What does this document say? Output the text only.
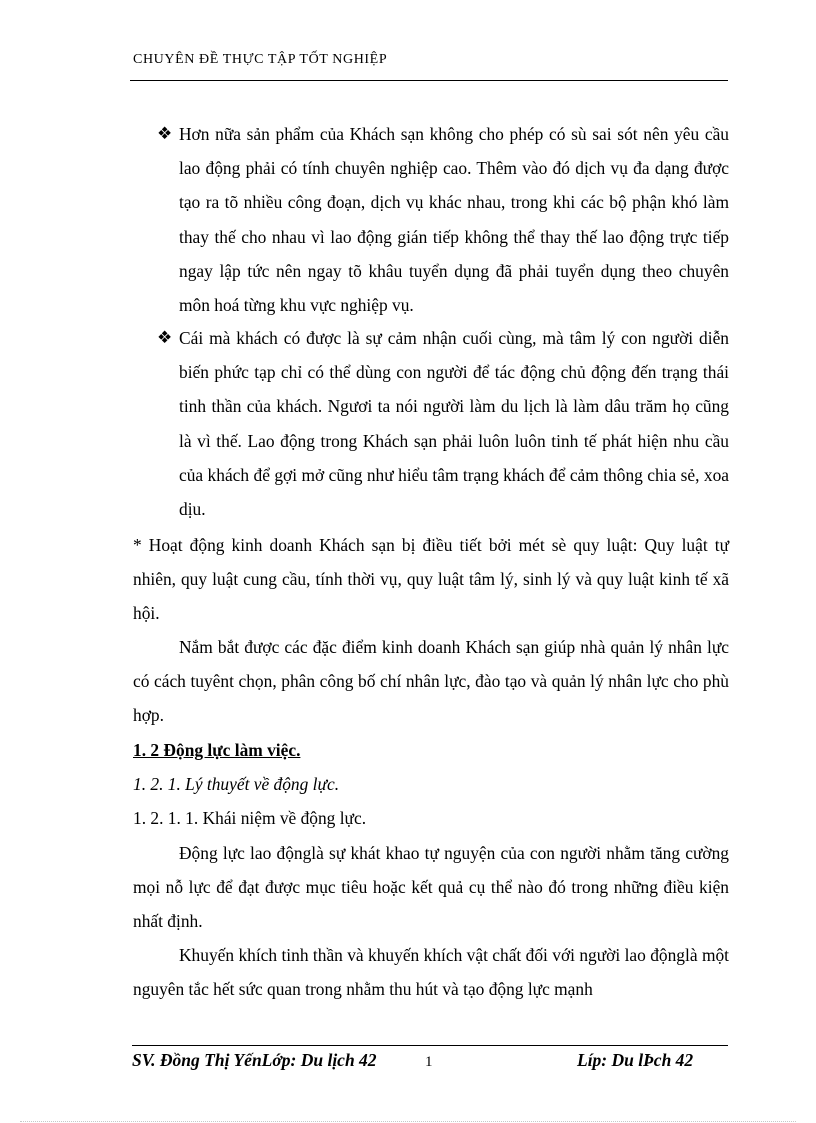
CHUYÊN ĐỀ THỰC TẬP TỐT NGHIỆP
❖ Hơn nữa sản phẩm của Khách sạn không cho phép có sù sai sót nên yêu cầu lao động phải có tính chuyên nghiệp cao. Thêm vào đó dịch vụ đa dạng được tạo ra tõ nhiều công đoạn, dịch vụ khác nhau, trong khi các bộ phận khó làm thay thế cho nhau vì lao động gián tiếp không thể thay thế lao động trực tiếp ngay lập tức nên ngay tõ khâu tuyển dụng đã phải tuyển dụng theo chuyên môn hoá từng khu vực nghiệp vụ.
❖ Cái mà khách có được là sự cảm nhận cuối cùng, mà tâm lý con người diễn biến phức tạp chỉ có thể dùng con người để tác động chủ động đến trạng thái tinh thần của khách. Ngươi ta nói người làm du lịch là làm dâu trăm họ cũng là vì thế. Lao động trong Khách sạn phải luôn luôn tinh tế phát hiện nhu cầu của khách để gợi mở cũng như hiểu tâm trạng khách để cảm thông chia sẻ, xoa dịu.
* Hoạt động kinh doanh Khách sạn bị điều tiết bởi mét sè quy luật: Quy luật tự nhiên, quy luật cung cầu, tính thời vụ, quy luật tâm lý, sinh lý và quy luật kinh tế xã hội.
Nắm bắt được các đặc điểm kinh doanh Khách sạn giúp nhà quản lý nhân lực có cách tuyênt chọn, phân công bố chí nhân lực, đào tạo và quản lý nhân lực cho phù hợp.
1. 2 Động lực làm việc.
1. 2. 1. Lý thuyết về động lực.
1. 2. 1. 1. Khái niệm về động lực.
Động lực lao độnglà sự khát khao tự nguyện của con người nhằm tăng cường mọi nỗ lực để đạt được mục tiêu hoặc kết quả cụ thể nào đó trong những điều kiện nhất định.
Khuyến khích tinh thần và khuyến khích vật chất đối với người lao độnglà một nguyên tắc hết sức quan trong nhằm thu hút và tạo động lực mạnh
SV. Đồng Thị YếnLớp: Du lịch 42	1	Líp: Du lÞch 42
